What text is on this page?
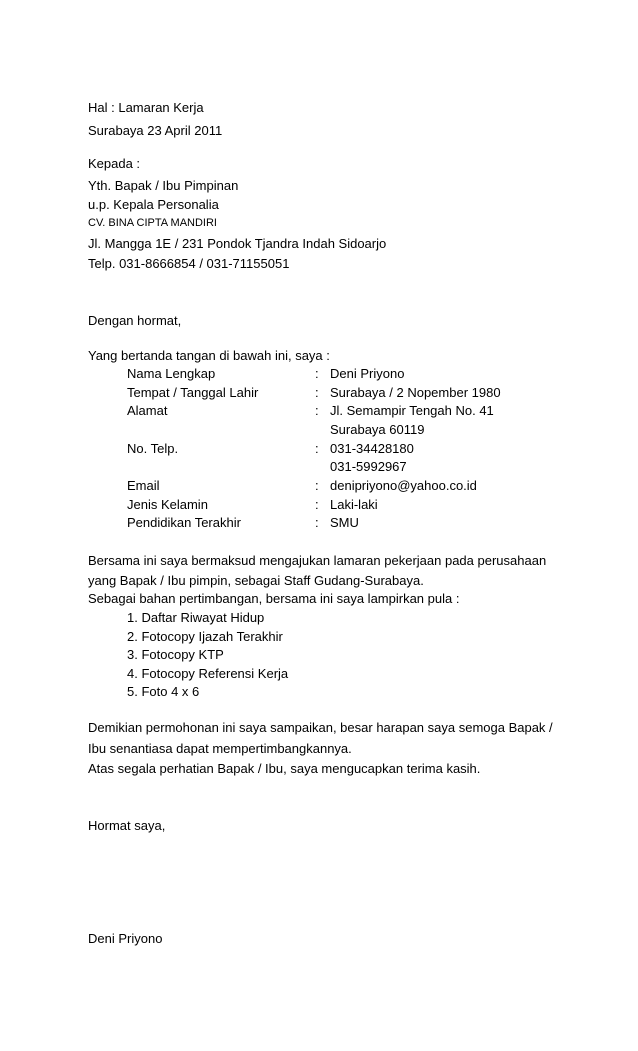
Hal : Lamaran Kerja
Surabaya 23 April 2011
Kepada :
Yth. Bapak / Ibu Pimpinan
u.p. Kepala Personalia
CV. BINA CIPTA MANDIRI
Jl. Mangga 1E / 231 Pondok Tjandra Indah Sidoarjo
Telp. 031-8666854 / 031-71155051
Dengan hormat,
Yang bertanda tangan di bawah ini, saya :
Nama Lengkap	: Deni Priyono
Tempat / Tanggal Lahir	: Surabaya / 2 Nopember 1980
Alamat	: Jl. Semampir Tengah No. 41
Surabaya 60119
No. Telp.	: 031-34428180
031-5992967
Email	: denipriyono@yahoo.co.id
Jenis Kelamin	: Laki-laki
Pendidikan Terakhir	: SMU
Bersama ini saya bermaksud mengajukan lamaran pekerjaan pada perusahaan
yang Bapak / Ibu pimpin, sebagai Staff Gudang-Surabaya.
Sebagai bahan pertimbangan, bersama ini saya lampirkan pula :
1. Daftar Riwayat Hidup
2. Fotocopy Ijazah Terakhir
3. Fotocopy KTP
4. Fotocopy Referensi Kerja
5. Foto 4 x 6
Demikian permohonan ini saya sampaikan, besar harapan saya semoga Bapak /
Ibu senantiasa dapat mempertimbangkannya.
Atas segala perhatian Bapak / Ibu, saya mengucapkan terima kasih.
Hormat saya,
Deni Priyono
